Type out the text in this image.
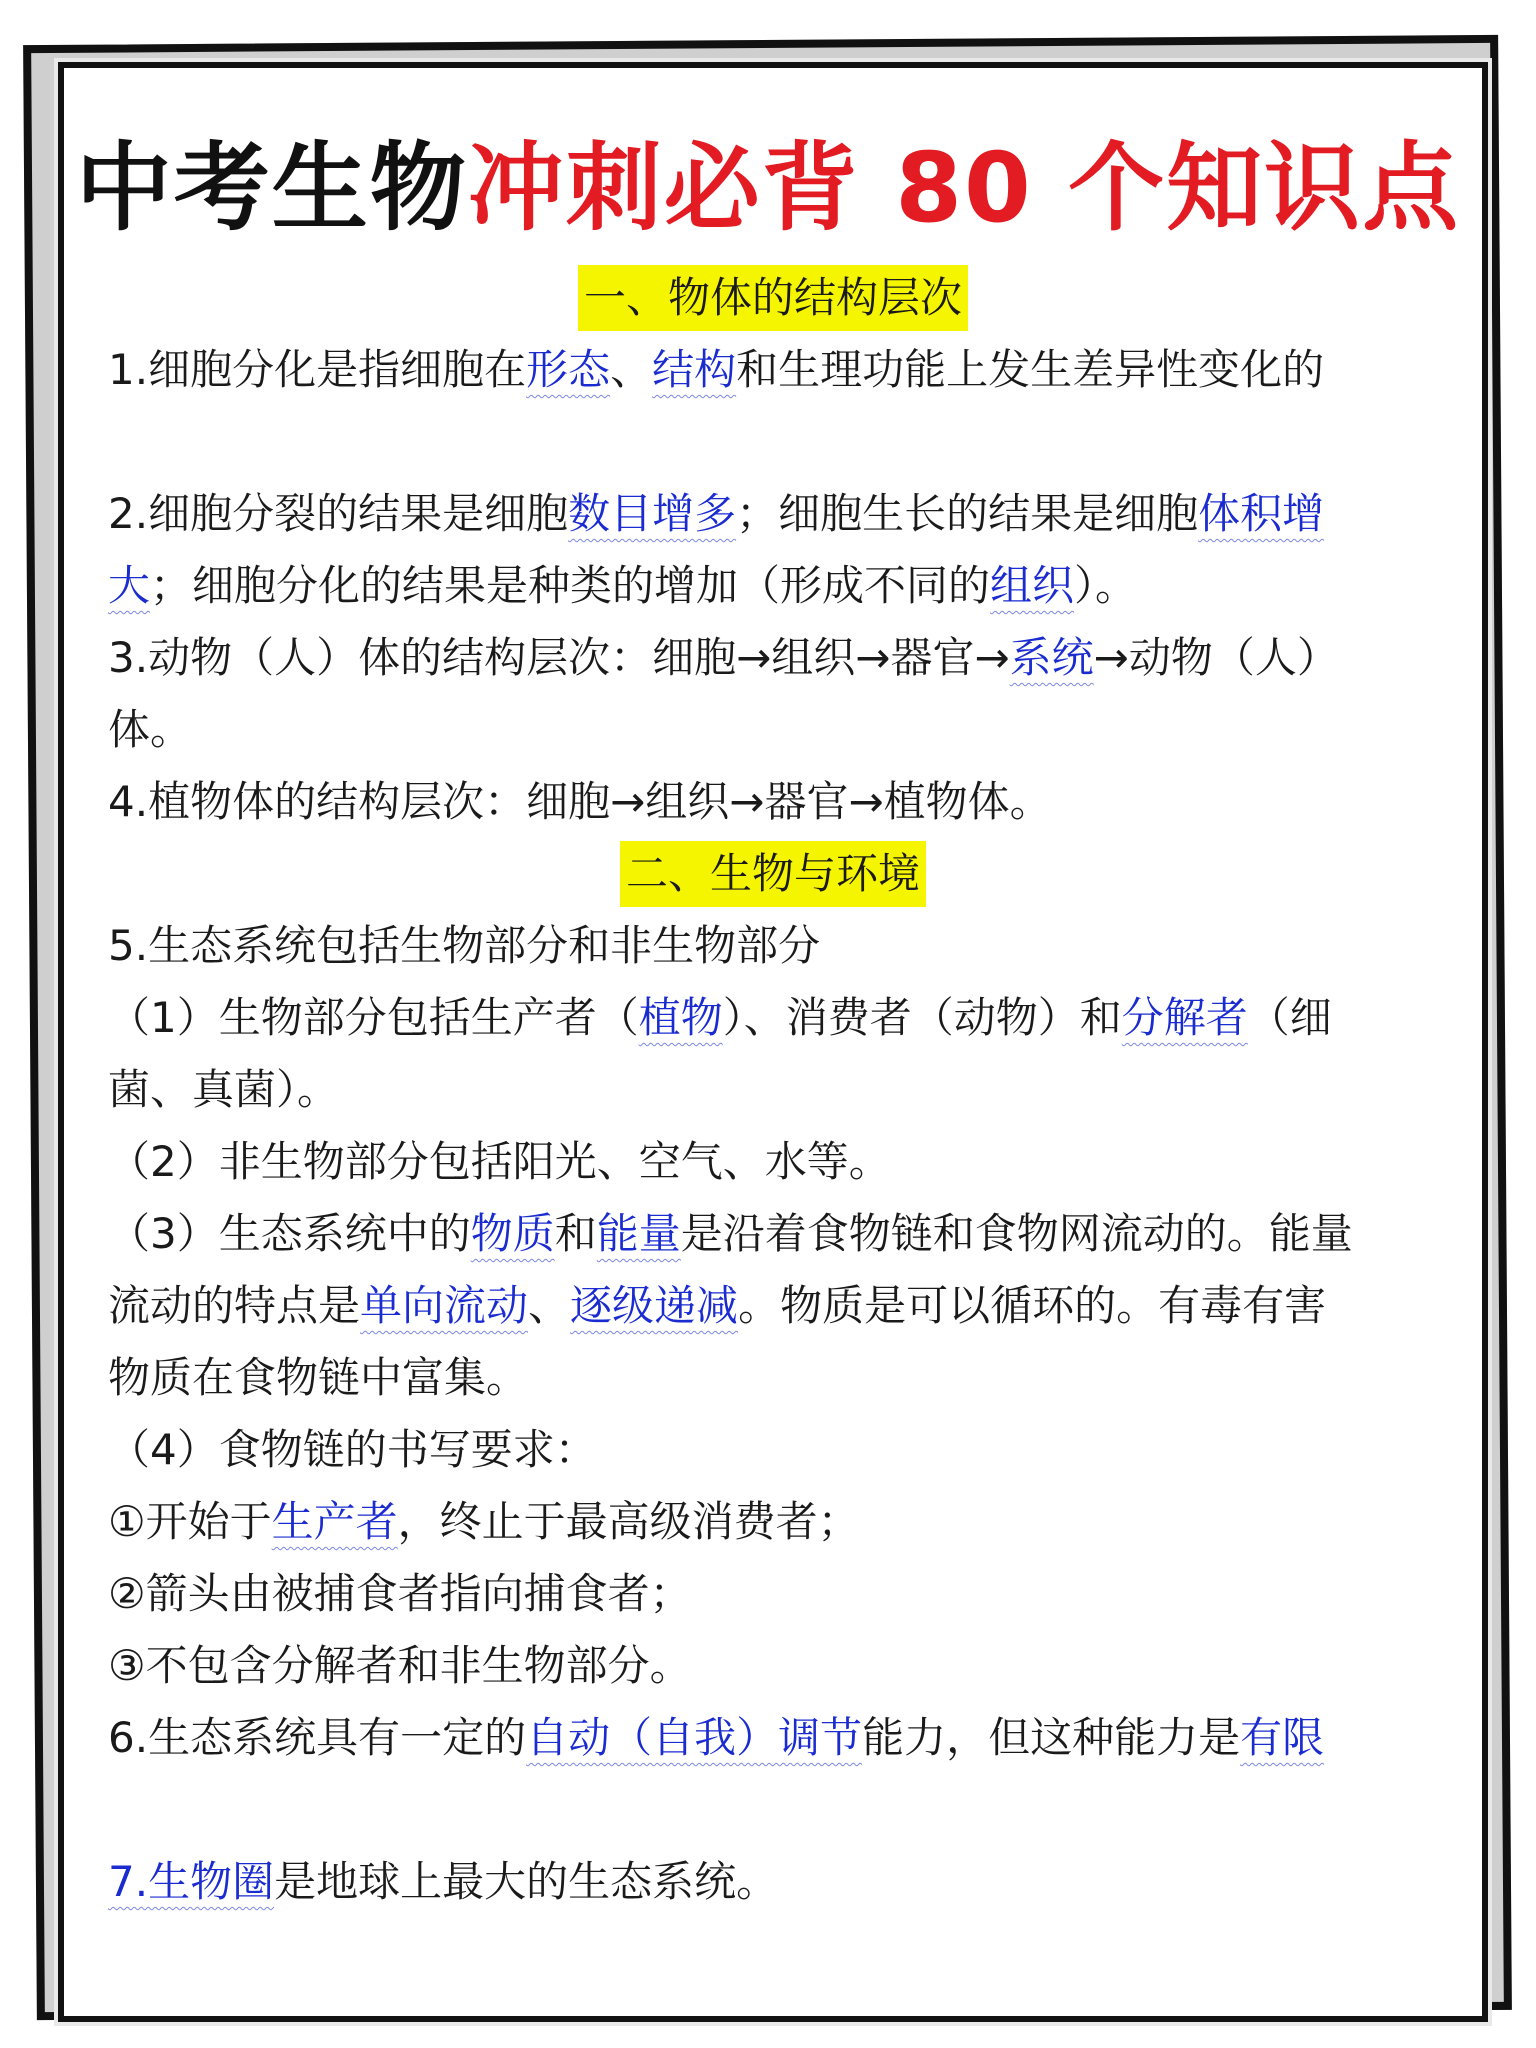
中考生物冲刺必背 80 个知识点
一、物体的结构层次
1.细胞分化是指细胞在形态、结构和生理功能上发生差异性变化的
2.细胞分裂的结果是细胞数目增多；细胞生长的结果是细胞体积增
大；细胞分化的结果是种类的增加（形成不同的组织）。
3.动物（人）体的结构层次：细胞→组织→器官→系统→动物（人）
体。
4.植物体的结构层次：细胞→组织→器官→植物体。
二、生物与环境
5.生态系统包括生物部分和非生物部分
（1）生物部分包括生产者（植物）、消费者（动物）和分解者（细
菌、真菌）。
（2）非生物部分包括阳光、空气、水等。
（3）生态系统中的物质和能量是沿着食物链和食物网流动的。能量
流动的特点是单向流动、逐级递减。物质是可以循环的。有毒有害
物质在食物链中富集。
（4）食物链的书写要求：
①开始于生产者，终止于最高级消费者；
②箭头由被捕食者指向捕食者；
③不包含分解者和非生物部分。
6.生态系统具有一定的自动（自我）调节能力，但这种能力是有限
7.生物圈是地球上最大的生态系统。
